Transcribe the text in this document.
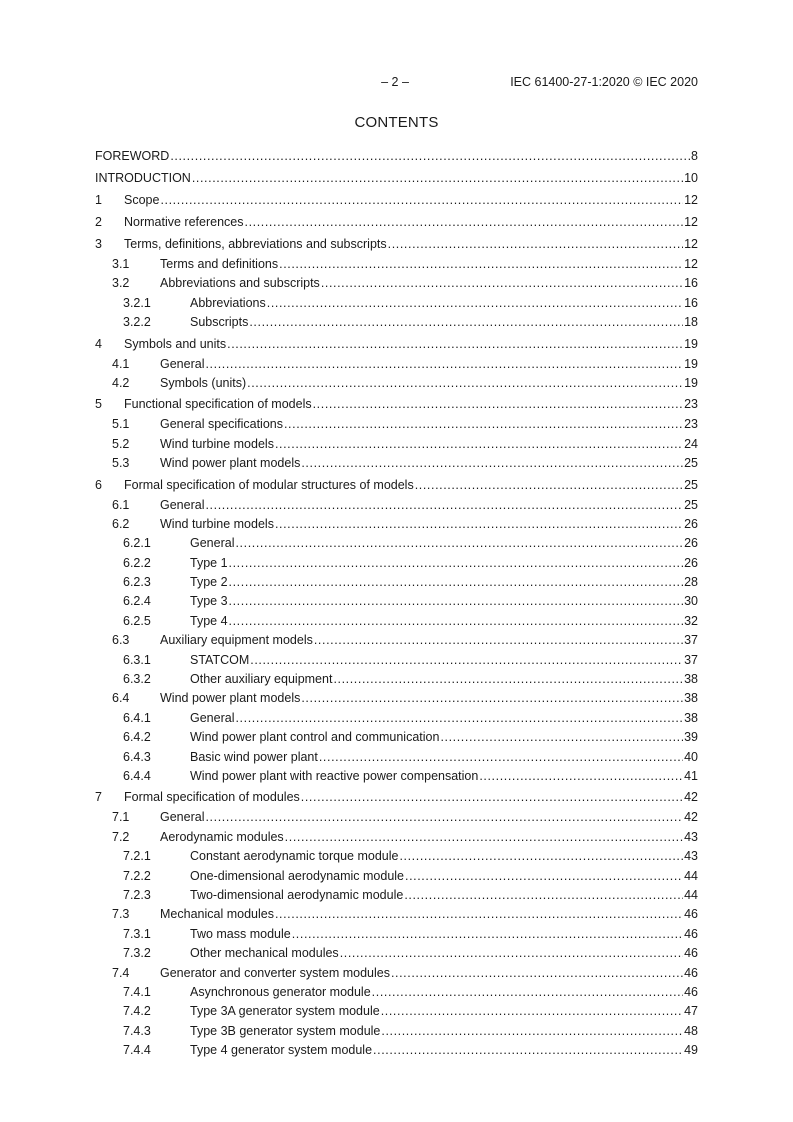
– 2 –	IEC 61400-27-1:2020 © IEC 2020
CONTENTS
FOREWORD .....	8
INTRODUCTION .....	10
1	Scope .....	12
2	Normative references .....	12
3	Terms, definitions, abbreviations and subscripts .....	12
3.1	Terms and definitions .....	12
3.2	Abbreviations and subscripts .....	16
3.2.1	Abbreviations .....	16
3.2.2	Subscripts .....	18
4	Symbols and units .....	19
4.1	General .....	19
4.2	Symbols (units) .....	19
5	Functional specification of models .....	23
5.1	General specifications .....	23
5.2	Wind turbine models .....	24
5.3	Wind power plant models .....	25
6	Formal specification of modular structures of models .....	25
6.1	General .....	25
6.2	Wind turbine models .....	26
6.2.1	General .....	26
6.2.2	Type 1 .....	26
6.2.3	Type 2 .....	28
6.2.4	Type 3 .....	30
6.2.5	Type 4 .....	32
6.3	Auxiliary equipment models .....	37
6.3.1	STATCOM .....	37
6.3.2	Other auxiliary equipment .....	38
6.4	Wind power plant models .....	38
6.4.1	General .....	38
6.4.2	Wind power plant control and communication .....	39
6.4.3	Basic wind power plant .....	40
6.4.4	Wind power plant with reactive power compensation .....	41
7	Formal specification of modules .....	42
7.1	General .....	42
7.2	Aerodynamic modules .....	43
7.2.1	Constant aerodynamic torque module .....	43
7.2.2	One-dimensional aerodynamic module .....	44
7.2.3	Two-dimensional aerodynamic module .....	44
7.3	Mechanical modules .....	46
7.3.1	Two mass module .....	46
7.3.2	Other mechanical modules .....	46
7.4	Generator and converter system modules .....	46
7.4.1	Asynchronous generator module .....	46
7.4.2	Type 3A generator system module .....	47
7.4.3	Type 3B generator system module .....	48
7.4.4	Type 4 generator system module .....	49
